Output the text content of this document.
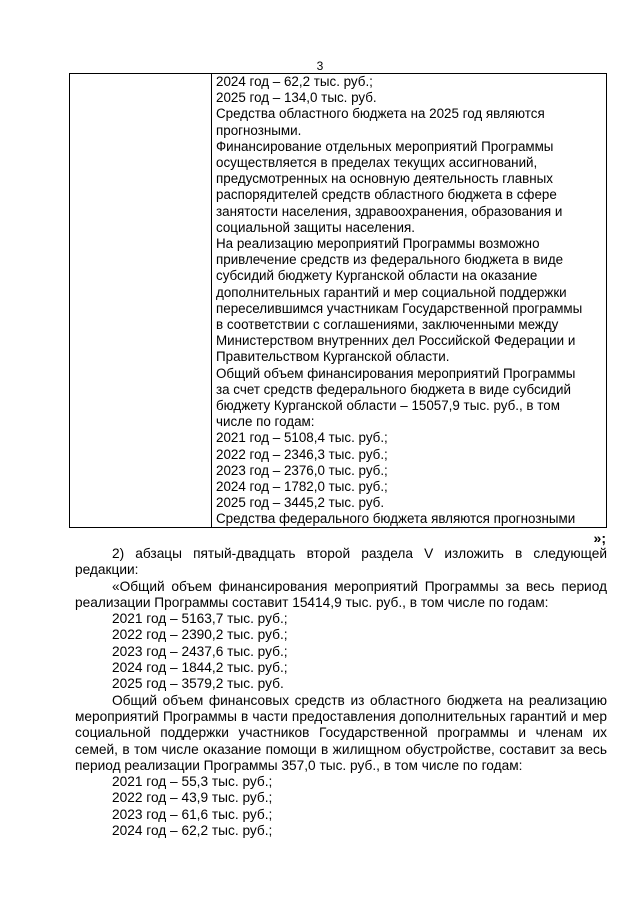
3
2024 год – 62,2 тыс. руб.;
2025 год – 134,0 тыс. руб.
Средства областного бюджета на 2025 год являются
прогнозными.
Финансирование отдельных мероприятий Программы
осуществляется в пределах текущих ассигнований,
предусмотренных на основную деятельность главных
распорядителей средств областного бюджета в сфере
занятости населения, здравоохранения, образования и
социальной защиты населения.
На реализацию мероприятий Программы возможно
привлечение средств из федерального бюджета в виде
субсидий бюджету Курганской области на оказание
дополнительных гарантий и мер социальной поддержки
переселившимся участникам Государственной программы
в соответствии с соглашениями, заключенными между
Министерством внутренних дел Российской Федерации и
Правительством Курганской области.
Общий объем финансирования мероприятий Программы
за счет средств федерального бюджета в виде субсидий
бюджету Курганской области – 15057,9 тыс. руб., в том
числе по годам:
2021 год – 5108,4 тыс. руб.;
2022 год – 2346,3 тыс. руб.;
2023 год – 2376,0 тыс. руб.;
2024 год – 1782,0 тыс. руб.;
2025 год – 3445,2 тыс. руб.
Средства федерального бюджета являются прогнозными
»;
2) абзацы пятый-двадцать второй раздела V изложить в следующей редакции:
«Общий объем финансирования мероприятий Программы за весь период реализации Программы составит 15414,9 тыс. руб., в том числе по годам:
2021 год – 5163,7 тыс. руб.;
2022 год – 2390,2 тыс. руб.;
2023 год – 2437,6 тыс. руб.;
2024 год – 1844,2 тыс. руб.;
2025 год – 3579,2 тыс. руб.
Общий объем финансовых средств из областного бюджета на реализацию мероприятий Программы в части предоставления дополнительных гарантий и мер социальной поддержки участников Государственной программы и членам их семей, в том числе оказание помощи в жилищном обустройстве, составит за весь период реализации Программы 357,0 тыс. руб., в том числе по годам:
2021 год – 55,3 тыс. руб.;
2022 год – 43,9 тыс. руб.;
2023 год – 61,6 тыс. руб.;
2024 год – 62,2 тыс. руб.;
